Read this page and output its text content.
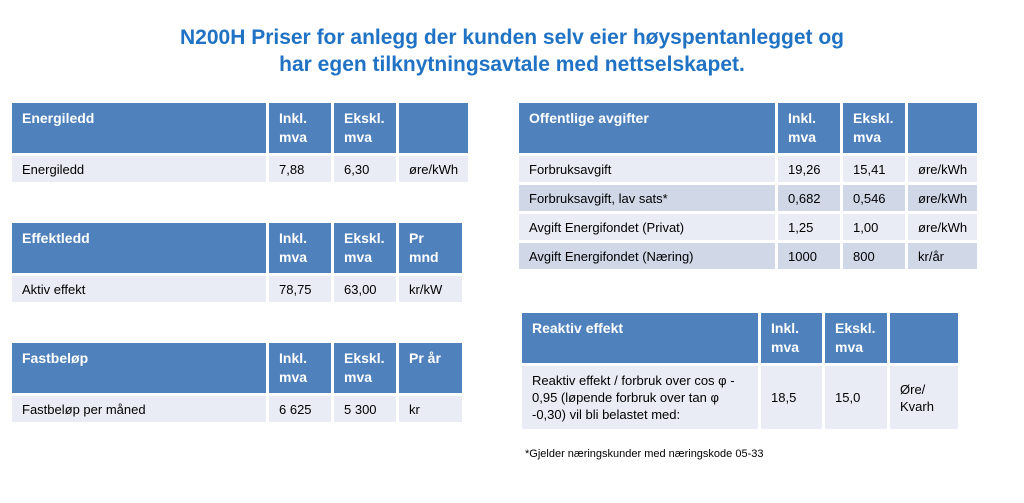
N200H Priser for anlegg der kunden selv eier høyspentanlegget og
har egen tilknytningsavtale med nettselskapet.
Energiledd	Inkl. mva	Ekskl. mva	
Energiledd	7,88	6,30	øre/kWh
Effektledd	Inkl. mva	Ekskl. mva	Pr mnd
Aktiv effekt	78,75	63,00	kr/kW
Fastbeløp	Inkl. mva	Ekskl. mva	Pr år
Fastbeløp per måned	6 625	5 300	kr
Offentlige avgifter	Inkl. mva	Ekskl. mva	
Forbruksavgift	19,26	15,41	øre/kWh
Forbruksavgift, lav sats*	0,682	0,546	øre/kWh
Avgift Energifondet (Privat)	1,25	1,00	øre/kWh
Avgift Energifondet (Næring)	1000	800	kr/år
Reaktiv effekt	Inkl. mva	Ekskl. mva	
Reaktiv effekt / forbruk over cos φ - 0,95 (løpende forbruk over tan φ -0,30) vil bli belastet med:	18,5	15,0	Øre/ Kvarh
*Gjelder næringskunder med næringskode 05-33
